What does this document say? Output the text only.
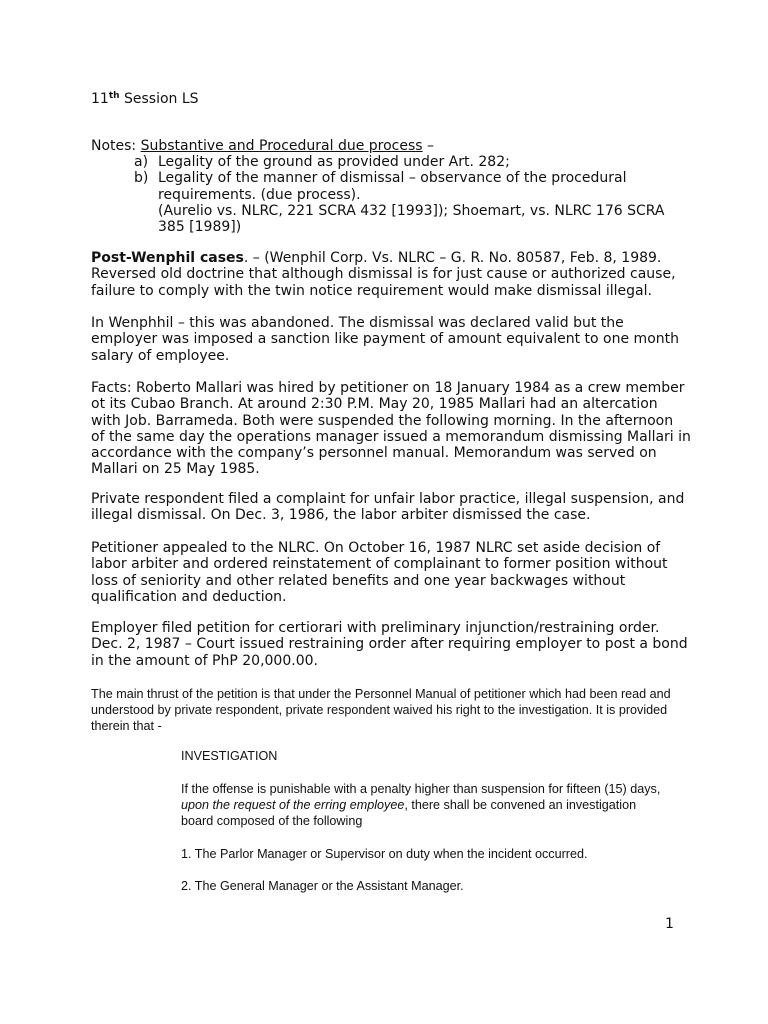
11th Session LS

Notes: Substantive and Procedural due process –

a) Legality of the ground as provided under Art. 282;
b) Legality of the manner of dismissal – observance of the procedural requirements. (due process).
(Aurelio vs. NLRC, 221 SCRA 432 [1993]); Shoemart, vs. NLRC 176 SCRA 385 [1989])

Post-Wenphil cases. – (Wenphil Corp. Vs. NLRC – G. R. No. 80587, Feb. 8, 1989. Reversed old doctrine that although dismissal is for just cause or authorized cause, failure to comply with the twin notice requirement would make dismissal illegal.

In Wenphhil – this was abandoned. The dismissal was declared valid but the employer was imposed a sanction like payment of amount equivalent to one month salary of employee.

Facts: Roberto Mallari was hired by petitioner on 18 January 1984 as a crew member ot its Cubao Branch. At around 2:30 P.M. May 20, 1985 Mallari had an altercation with Job. Barrameda. Both were suspended the following morning. In the afternoon of the same day the operations manager issued a memorandum dismissing Mallari in accordance with the company’s personnel manual. Memorandum was served on Mallari on 25 May 1985.

Private respondent filed a complaint for unfair labor practice, illegal suspension, and illegal dismissal. On Dec. 3, 1986, the labor arbiter dismissed the case.

Petitioner appealed to the NLRC. On October 16, 1987 NLRC set aside decision of labor arbiter and ordered reinstatement of complainant to former position without loss of seniority and other related benefits and one year backwages without qualification and deduction.

Employer filed petition for certiorari with preliminary injunction/restraining order. Dec. 2, 1987 – Court issued restraining order after requiring employer to post a bond in the amount of PhP 20,000.00.

The main thrust of the petition is that under the Personnel Manual of petitioner which had been read and understood by private respondent, private respondent waived his right to the investigation. It is provided therein that -

INVESTIGATION

If the offense is punishable with a penalty higher than suspension for fifteen (15) days, upon the request of the erring employee, there shall be convened an investigation board composed of the following

1. The Parlor Manager or Supervisor on duty when the incident occurred.

2. The General Manager or the Assistant Manager.

1
